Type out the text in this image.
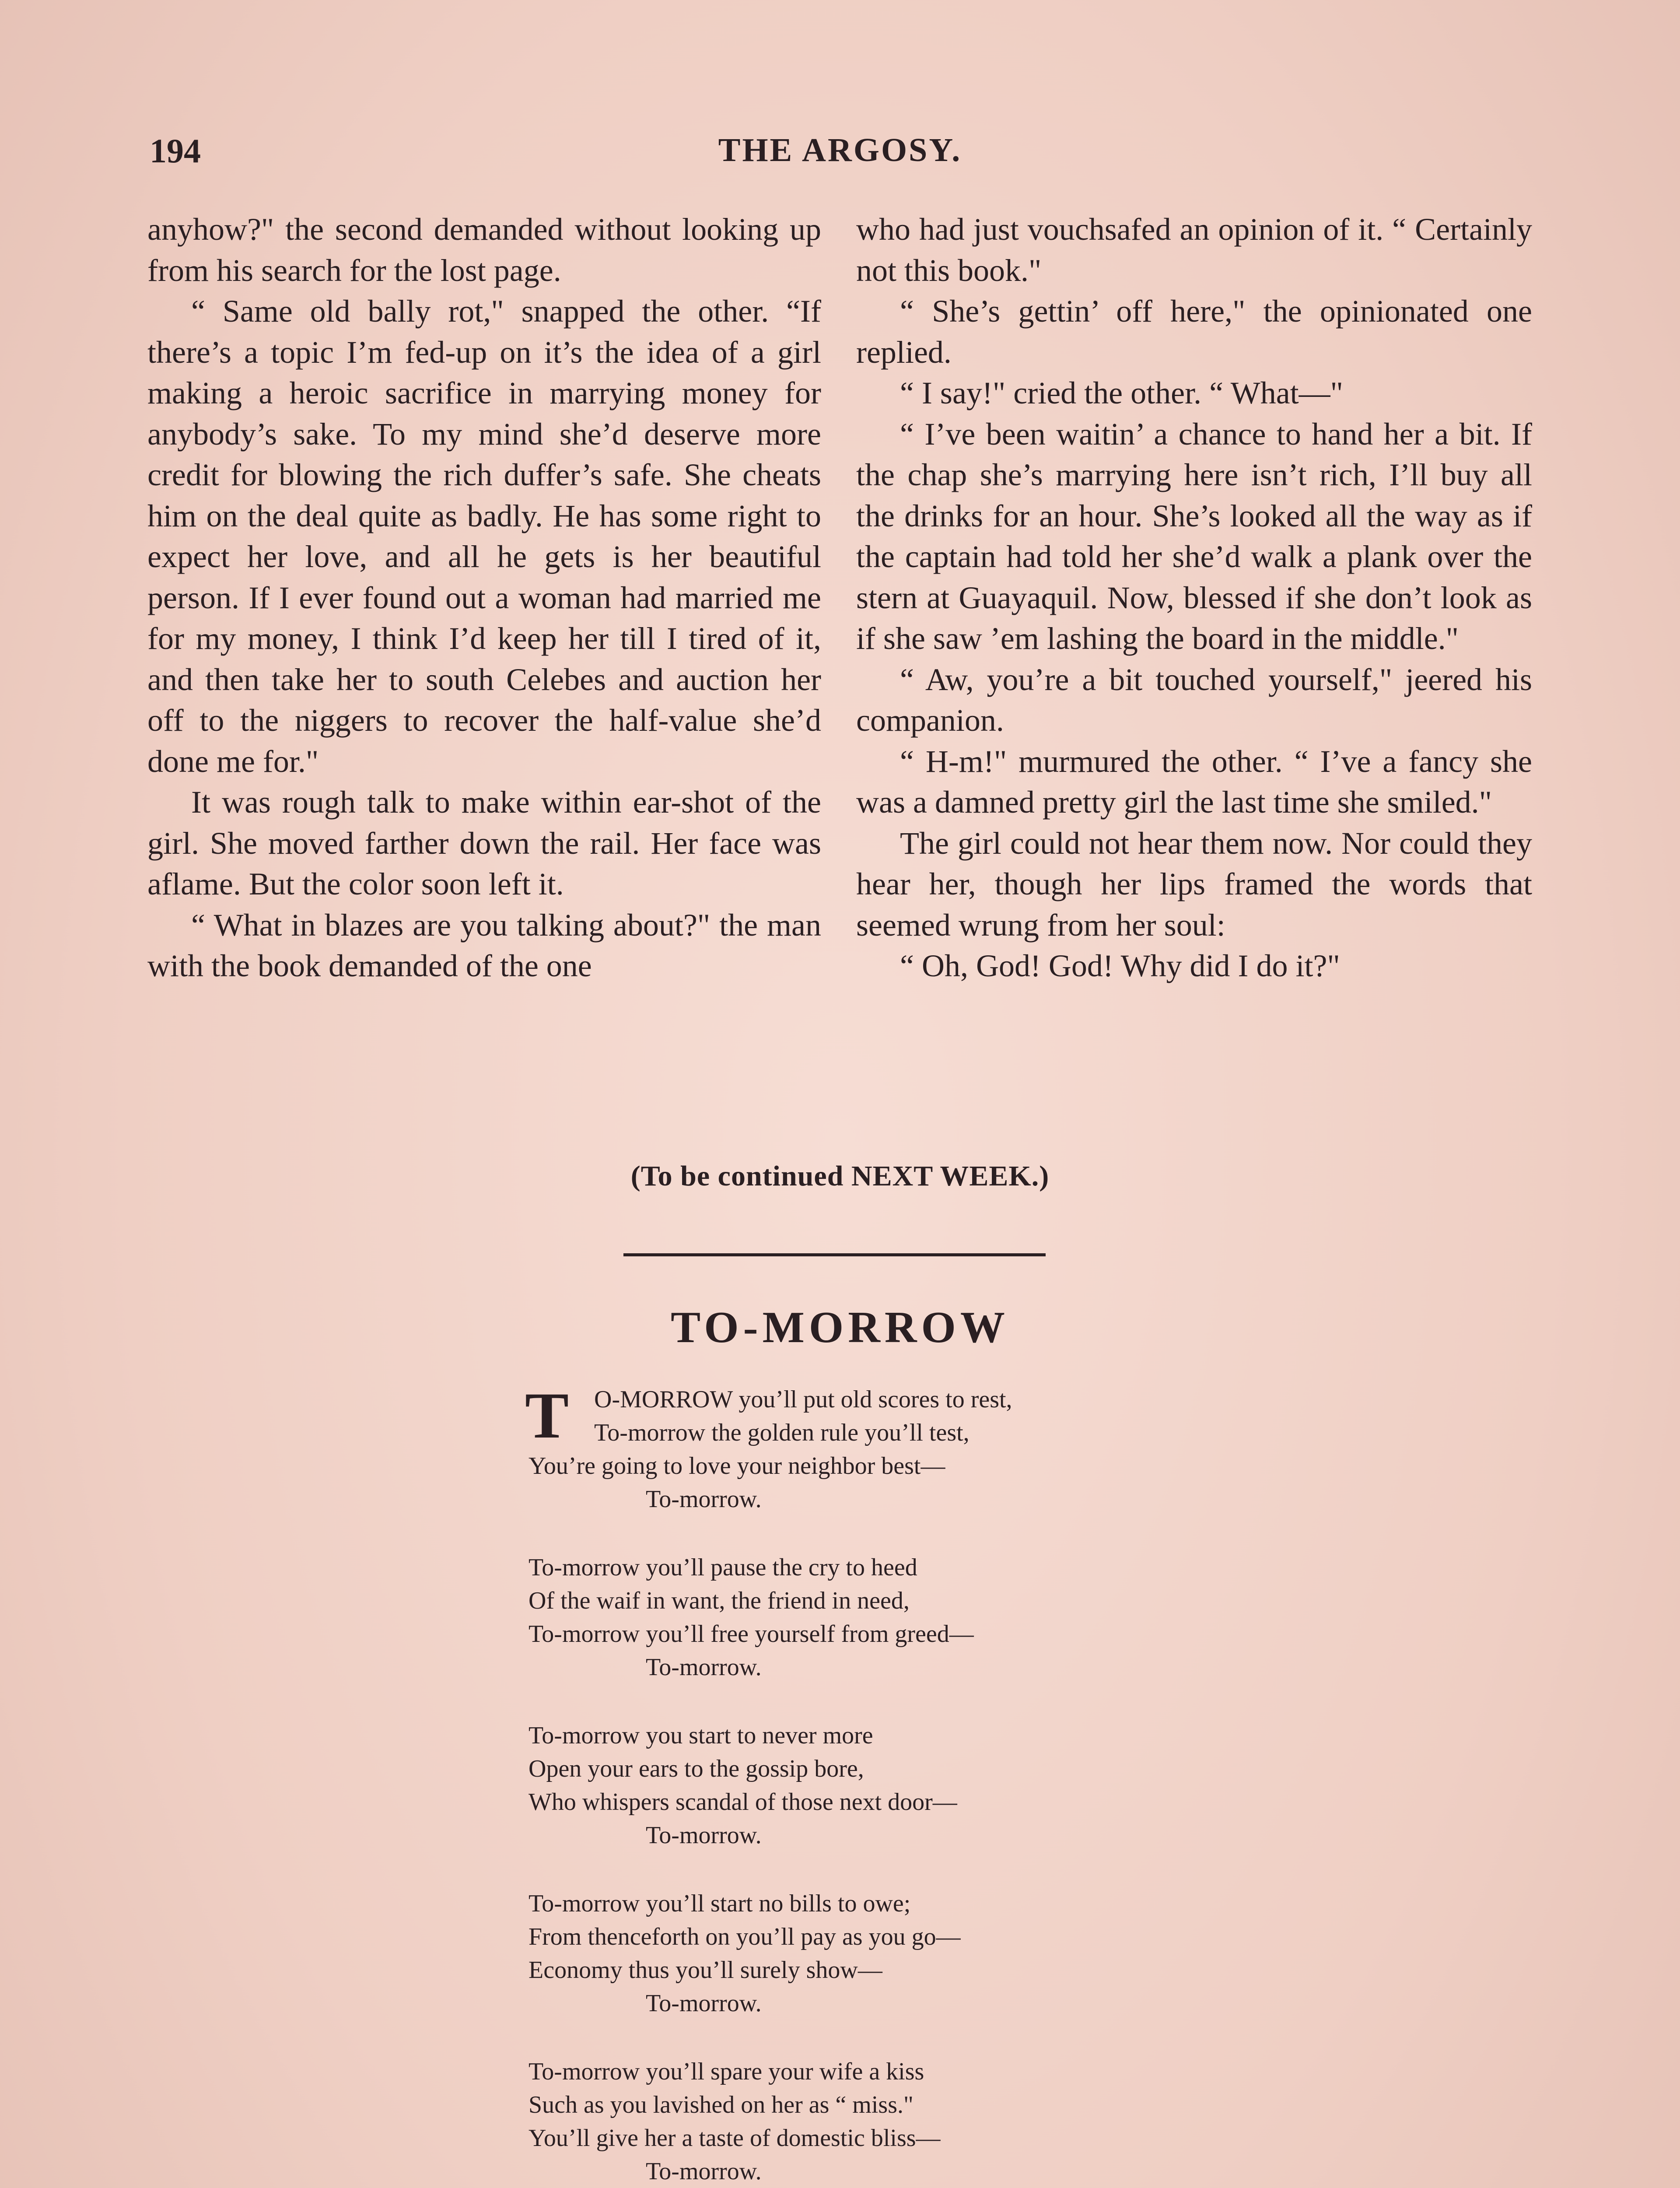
194	THE ARGOSY.

anyhow?" the second demanded without looking up from his search for the lost page.

“ Same old bally rot," snapped the other. “If there’s a topic I’m fed-up on it’s the idea of a girl making a heroic sacrifice in marrying money for anybody’s sake. To my mind she’d deserve more credit for blowing the rich duffer’s safe. She cheats him on the deal quite as badly. He has some right to expect her love, and all he gets is her beautiful person. If I ever found out a woman had married me for my money, I think I’d keep her till I tired of it, and then take her to south Celebes and auction her off to the niggers to recover the half-value she’d done me for."

It was rough talk to make within ear-shot of the girl. She moved farther down the rail. Her face was aflame. But the color soon left it.

“ What in blazes are you talking about?" the man with the book demanded of the one

who had just vouchsafed an opinion of it. “ Certainly not this book."

“ She’s gettin’ off here," the opinionated one replied.

“ I say!" cried the other. “ What—"

“ I’ve been waitin’ a chance to hand her a bit. If the chap she’s marrying here isn’t rich, I’ll buy all the drinks for an hour. She’s looked all the way as if the captain had told her she’d walk a plank over the stern at Guayaquil. Now, blessed if she don’t look as if she saw ’em lashing the board in the middle."

“ Aw, you’re a bit touched yourself," jeered his companion.

“ H-m!" murmured the other. “ I’ve a fancy she was a damned pretty girl the last time she smiled."

The girl could not hear them now. Nor could they hear her, though her lips framed the words that seemed wrung from her soul:

“ Oh, God! God! Why did I do it?"

(To be continued NEXT WEEK.)
TO-MORROW
T	O-MORROW you’ll put old scores to rest,
To-morrow the golden rule you’ll test,
You’re going to love your neighbor best—
To-morrow.
To-morrow you’ll pause the cry to heed
Of the waif in want, the friend in need,
To-morrow you’ll free yourself from greed—
To-morrow.
To-morrow you start to never more
Open your ears to the gossip bore,
Who whispers scandal of those next door—
To-morrow.
To-morrow you’ll start no bills to owe;
From thenceforth on you’ll pay as you go—
Economy thus you’ll surely show—
To-morrow.
To-morrow you’ll spare your wife a kiss
Such as you lavished on her as “ miss."
You’ll give her a taste of domestic bliss—
To-morrow.
